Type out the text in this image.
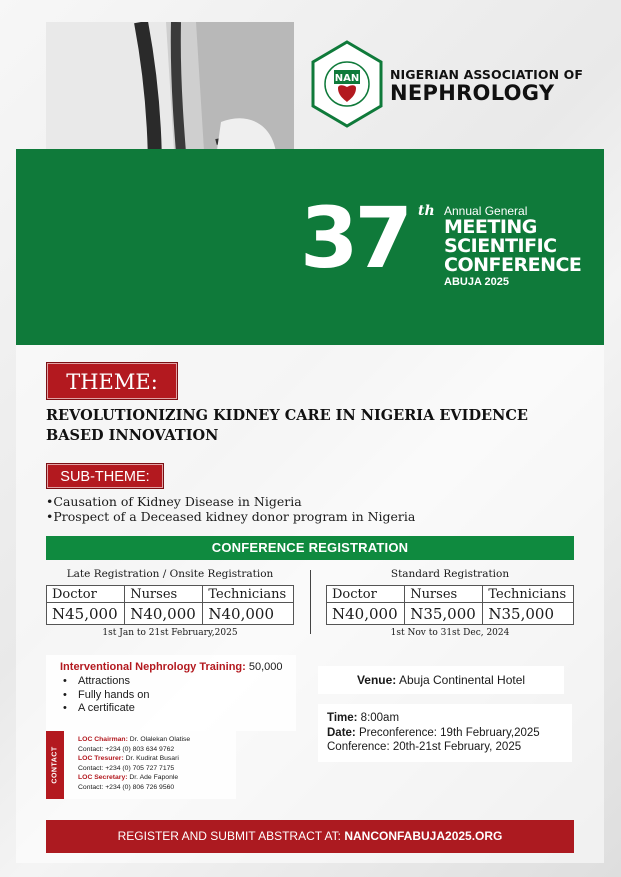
NAN NIGERIAN ASSOCIATION OF
NEPHROLOGY
37 th Annual General
MEETING
SCIENTIFIC
CONFERENCE
ABUJA 2025
THEME:
REVOLUTIONIZING KIDNEY CARE IN NIGERIA EVIDENCE BASED INNOVATION
SUB-THEME:
• Causation of Kidney Disease in Nigeria
• Prospect of a Deceased kidney donor program in Nigeria
CONFERENCE REGISTRATION
Late Registration / Onsite Registration
Doctor	Nurses	Technicians
N45,000	N40,000	N40,000
1st Jan to 21st February,2025
Standard Registration
Doctor	Nurses	Technicians
N40,000	N35,000	N35,000
1st Nov to 31st Dec, 2024
Interventional Nephrology Training: 50,000
• Attractions
• Fully hands on
• A certificate
CONTACT
LOC Chairman: Dr. Olalekan Olatise
Contact: +234 (0) 803 634 9762
LOC Tresurer: Dr. Kudirat Busari
Contact: +234 (0) 705 727 7175
LOC Secretary: Dr. Ade Faponle
Contact: +234 (0) 806 726 9560
Venue: Abuja Continental Hotel
Time: 8:00am
Date: Preconference: 19th February,2025
Conference: 20th-21st February, 2025
REGISTER AND SUBMIT ABSTRACT AT: NANCONFABUJA2025.ORG
